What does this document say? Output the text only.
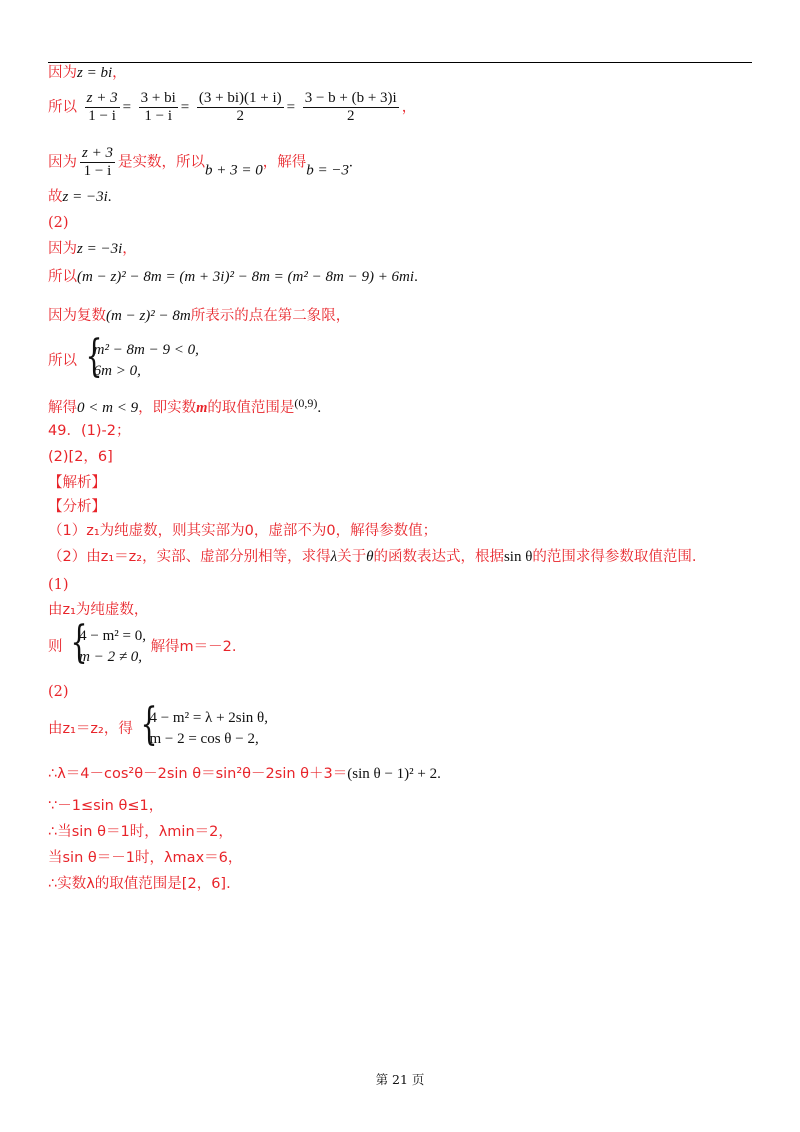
因为z = bi，
所以 $\frac{z + 3}{1 - i} = \frac{3 + bi}{1 - i} = \frac{(3 + bi)(1 + i)}{2} = \frac{3 - b + (b + 3)i}{2}$ ，
因为 $\frac{z + 3}{1 - i}$ 是实数，所以b + 3 = 0，解得b = −3.
故z = −3i.
(2)
因为z = −3i，
所以(m − z)² − 8m = (m + 3i)² − 8m = (m² − 8m − 9) + 6mi.
因为复数(m − z)² − 8m所表示的点在第二象限，
所以 {
m² − 8m − 9 < 0,
6m > 0,
解得0 < m < 9，即实数m的取值范围是$^{(0,9)}$.
49．(1)-2；
(2)[2，6]
【解析】
【分析】
（1）z₁为纯虚数，则其实部为0，虚部不为0，解得参数值；
（2）由z₁＝z₂，实部、虚部分别相等，求得λ关于θ的函数表达式，根据sin θ的范围求得参数取值范围.
(1)
由z₁为纯虚数，
则 {
4 − m² = 0,
m − 2 ≠ 0,
解得m＝－2.
(2)
由z₁＝z₂，得 {
4 − m² = λ + 2sin θ,
m − 2 = cos θ − 2,
∴λ＝4－cos²θ－2sin θ＝sin²θ－2sin θ＋3＝(sin θ − 1)² + 2.
∵－1≤sin θ≤1，
∴当sin θ＝1时，λmin＝2，
当sin θ＝－1时，λmax＝6，
∴实数λ的取值范围是[2，6].
第 21 页
